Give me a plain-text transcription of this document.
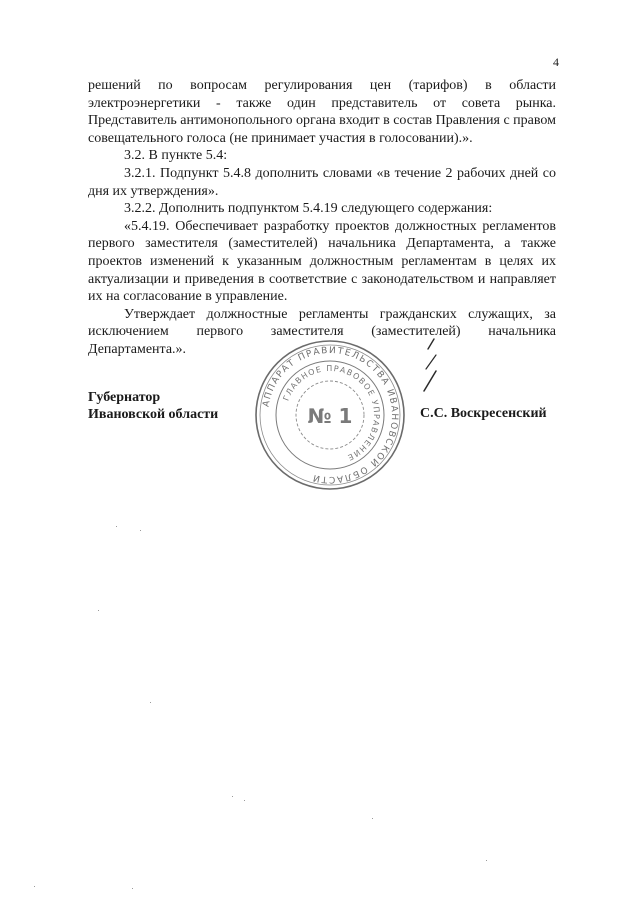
4

решений по вопросам регулирования цен (тарифов) в области электроэнергетики - также один представитель от совета рынка. Представитель антимонопольного органа входит в состав Правления с правом совещательного голоса (не принимает участия в голосовании).».

3.2. В пункте 5.4:

3.2.1. Подпункт 5.4.8 дополнить словами «в течение 2 рабочих дней со дня их утверждения».

3.2.2. Дополнить подпунктом 5.4.19 следующего содержания:

«5.4.19. Обеспечивает разработку проектов должностных регламентов первого заместителя (заместителей) начальника Департамента, а также проектов изменений к указанным должностным регламентам в целях их актуализации и приведения в соответствие с законодательством и направляет их на согласование в управление.

Утверждает должностные регламенты гражданских служащих, за исключением первого заместителя (заместителей) начальника Департамента.».

АППАРАТ ПРАВИТЕЛЬСТВА ИВАНОВСКОЙ ОБЛАСТИ
ГЛАВНОЕ ПРАВОВОЕ УПРАВЛЕНИЕ
№ 1
Губернатор
Ивановской области	С.С. Воскресенский
